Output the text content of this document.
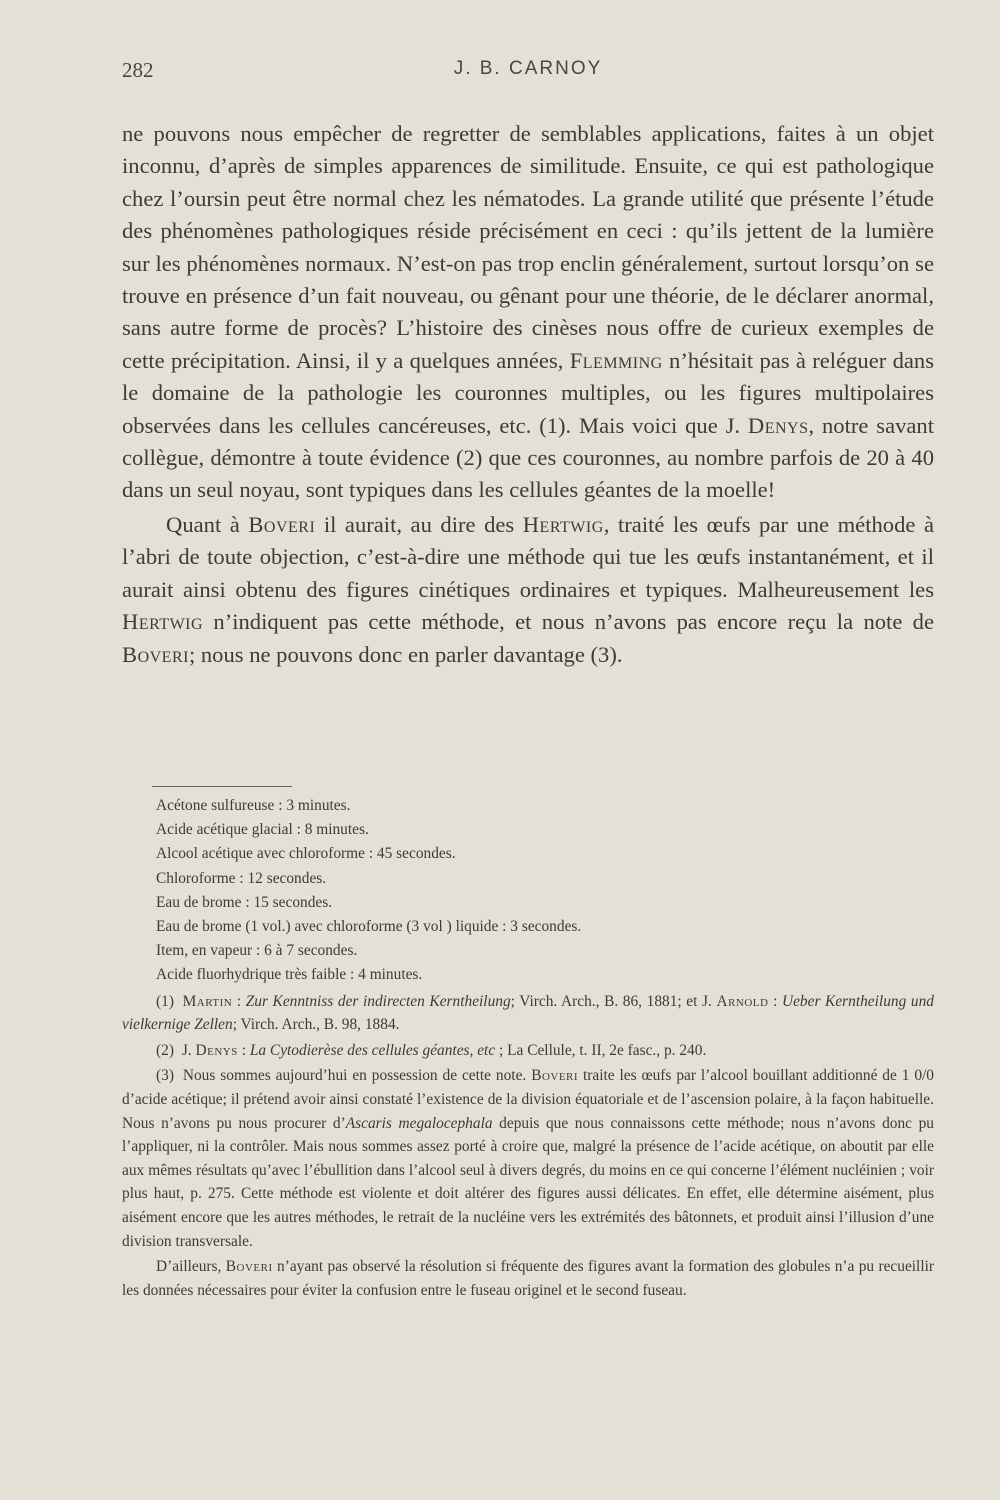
282	J. B. CARNOY

ne pouvons nous empêcher de regretter de semblables applications, faites à un objet inconnu, d’après de simples apparences de similitude. Ensuite, ce qui est pathologique chez l’oursin peut être normal chez les nématodes. La grande utilité que présente l’étude des phénomènes pathologiques réside précisément en ceci : qu’ils jettent de la lumière sur les phénomènes normaux. N’est-on pas trop enclin généralement, surtout lorsqu’on se trouve en présence d’un fait nouveau, ou gênant pour une théorie, de le déclarer anormal, sans autre forme de procès? L’histoire des cinèses nous offre de curieux exemples de cette précipitation. Ainsi, il y a quelques années, Flemming n’hésitait pas à reléguer dans le domaine de la pathologie les couronnes multiples, ou les figures multipolaires observées dans les cellules cancéreuses, etc. (1). Mais voici que J. Denys, notre savant collègue, démontre à toute évidence (2) que ces couronnes, au nombre parfois de 20 à 40 dans un seul noyau, sont typiques dans les cellules géantes de la moelle!

Quant à Boveri il aurait, au dire des Hertwig, traité les œufs par une méthode à l’abri de toute objection, c’est-à-dire une méthode qui tue les œufs instantanément, et il aurait ainsi obtenu des figures cinétiques ordinaires et typiques. Malheureusement les Hertwig n’indiquent pas cette méthode, et nous n’avons pas encore reçu la note de Boveri; nous ne pouvons donc en parler davantage (3).

Acétone sulfureuse : 3 minutes.
Acide acétique glacial : 8 minutes.
Alcool acétique avec chloroforme : 45 secondes.
Chloroforme : 12 secondes.
Eau de brome : 15 secondes.
Eau de brome (1 vol.) avec chloroforme (3 vol ) liquide : 3 secondes.
Item, en vapeur : 6 à 7 secondes.
Acide fluorhydrique très faible : 4 minutes.

(1) Martin : Zur Kenntniss der indirecten Kerntheilung; Virch. Arch., B. 86, 1881; et J. Arnold : Ueber Kerntheilung und vielkernige Zellen; Virch. Arch., B. 98, 1884.

(2) J. Denys : La Cytodierèse des cellules géantes, etc ; La Cellule, t. II, 2e fasc., p. 240.

(3) Nous sommes aujourd’hui en possession de cette note. Boveri traite les œufs par l’alcool bouillant additionné de 1 0/0 d’acide acétique; il prétend avoir ainsi constaté l’existence de la division équatoriale et de l’ascension polaire, à la façon habituelle. Nous n’avons pu nous procurer d’Ascaris megalocephala depuis que nous connaissons cette méthode; nous n’avons donc pu l’appliquer, ni la contrôler. Mais nous sommes assez porté à croire que, malgré la présence de l’acide acétique, on aboutit par elle aux mêmes résultats qu’avec l’ébullition dans l’alcool seul à divers degrés, du moins en ce qui concerne l’élément nucléinien ; voir plus haut, p. 275. Cette méthode est violente et doit altérer des figures aussi délicates. En effet, elle détermine aisément, plus aisément encore que les autres méthodes, le retrait de la nucléine vers les extrémités des bâtonnets, et produit ainsi l’illusion d’une division transversale.

D’ailleurs, Boveri n’ayant pas observé la résolution si fréquente des figures avant la formation des globules n’a pu recueillir les données nécessaires pour éviter la confusion entre le fuseau originel et le second fuseau.
